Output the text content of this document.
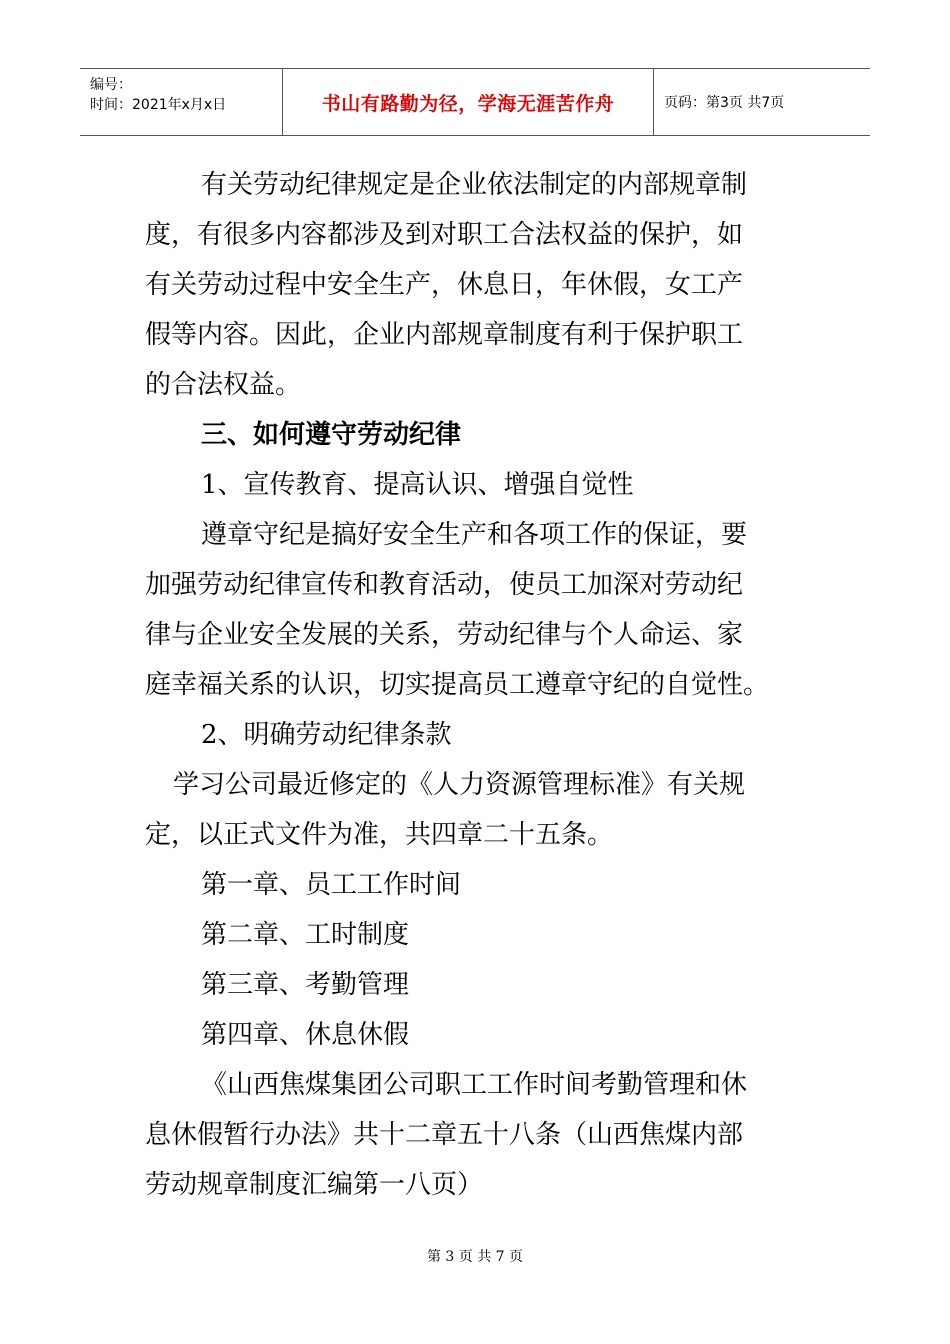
编号：
时间：2021年x月x日	书山有路勤为径，学海无涯苦作舟	页码：第3页 共7页
有关劳动纪律规定是企业依法制定的内部规章制
度，有很多内容都涉及到对职工合法权益的保护，如
有关劳动过程中安全生产，休息日，年休假，女工产
假等内容。因此，企业内部规章制度有利于保护职工
的合法权益。
三、如何遵守劳动纪律
1、宣传教育、提高认识、增强自觉性
遵章守纪是搞好安全生产和各项工作的保证，要
加强劳动纪律宣传和教育活动，使员工加深对劳动纪
律与企业安全发展的关系，劳动纪律与个人命运、家
庭幸福关系的认识，切实提高员工遵章守纪的自觉性。
2、明确劳动纪律条款
学习公司最近修定的《人力资源管理标准》有关规
定，以正式文件为准，共四章二十五条。
第一章、员工工作时间
第二章、工时制度
第三章、考勤管理
第四章、休息休假
《山西焦煤集团公司职工工作时间考勤管理和休
息休假暂行办法》共十二章五十八条（山西焦煤内部
劳动规章制度汇编第一八页）
第 3 页 共 7 页
